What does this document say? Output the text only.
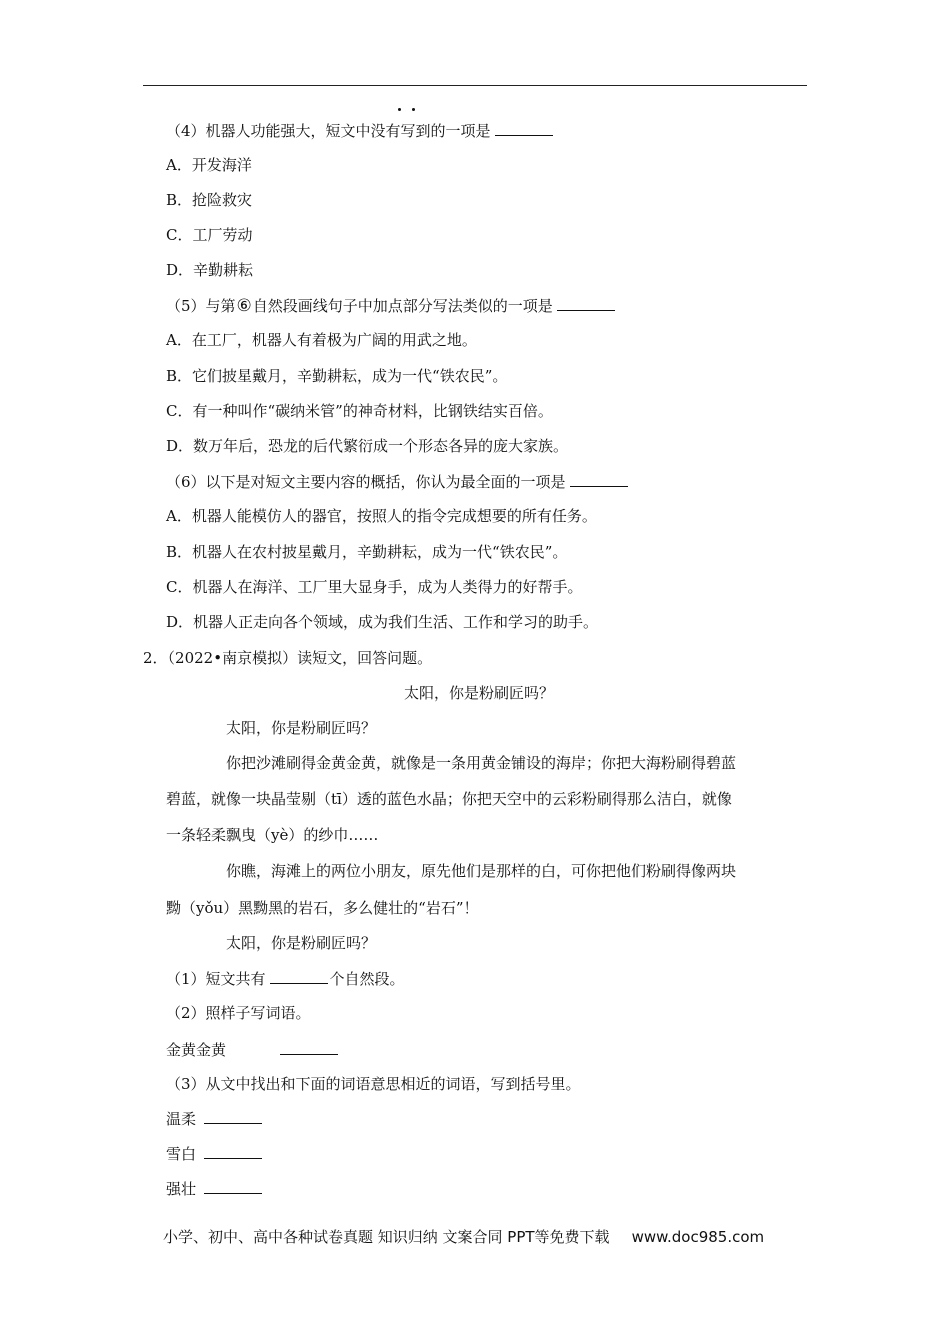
（4）机器人功能强大，短文中没有写到的一项是
A．开发海洋
B．抢险救灾
C．工厂劳动
D．辛勤耕耘
（5）与第⑥自然段画线句子中加点部分写法类似的一项是
A．在工厂，机器人有着极为广阔的用武之地。
B．它们披星戴月，辛勤耕耘，成为一代“铁农民”。
C．有一种叫作“碳纳米管”的神奇材料，比钢铁结实百倍。
D．数万年后，恐龙的后代繁衍成一个形态各异的庞大家族。
（6）以下是对短文主要内容的概括，你认为最全面的一项是
A．机器人能模仿人的器官，按照人的指令完成想要的所有任务。
B．机器人在农村披星戴月，辛勤耕耘，成为一代“铁农民”。
C．机器人在海洋、工厂里大显身手，成为人类得力的好帮手。
D．机器人正走向各个领域，成为我们生活、工作和学习的助手。
2．（2022•南京模拟）读短文，回答问题。
太阳，你是粉刷匠吗？
太阳，你是粉刷匠吗？
你把沙滩刷得金黄金黄，就像是一条用黄金铺设的海岸；你把大海粉刷得碧蓝
碧蓝，就像一块晶莹剔（tī）透的蓝色水晶；你把天空中的云彩粉刷得那么洁白，就像
一条轻柔飘曳（yè）的纱巾……
你瞧，海滩上的两位小朋友，原先他们是那样的白，可你把他们粉刷得像两块
黝（yǒu）黑黝黑的岩石，多么健壮的“岩石”！
太阳，你是粉刷匠吗？
（1）短文共有	个自然段。
（2）照样子写词语。
金黄金黄
（3）从文中找出和下面的词语意思相近的词语，写到括号里。
温柔
雪白
强壮
小学、初中、高中各种试卷真题 知识归纳 文案合同 PPT等免费下载 www.doc985.com
